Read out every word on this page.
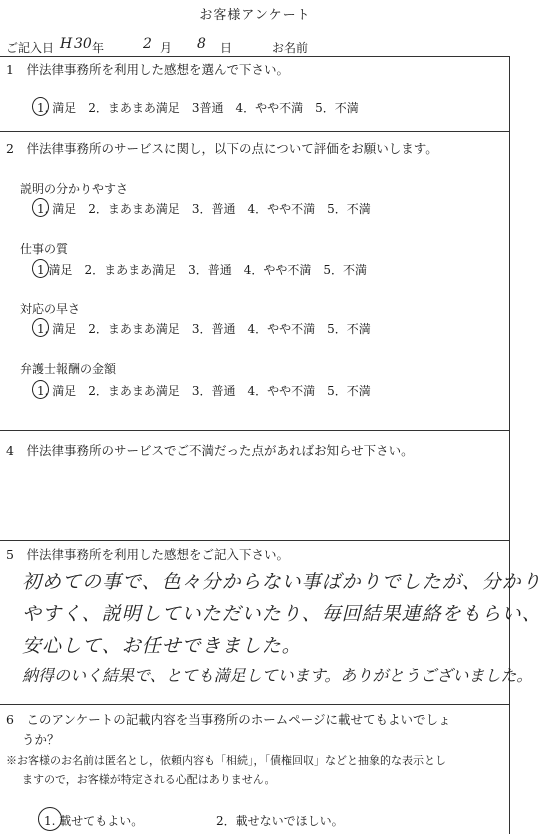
お客様アンケート
ご記入日 H 30 年	2 月 8 日	お名前
1　伴法律事務所を利用した感想を選んで下さい。
1. 満足　2．まあまあ満足　3普通　4．やや不満　5．不満
2　伴法律事務所のサービスに関し，以下の点について評価をお願いします。
説明の分かりやすさ
1. 満足　2．まあまあ満足　3．普通　4．やや不満　5．不満
仕事の質
1 満足　2．まあまあ満足　3．普通　4．やや不満　5．不満
対応の早さ
1. 満足　2．まあまあ満足　3．普通　4．やや不満　5．不満
弁護士報酬の金額
1. 満足　2．まあまあ満足　3．普通　4．やや不満　5．不満
4　伴法律事務所のサービスでご不満だった点があればお知らせ下さい。
5　伴法律事務所を利用した感想をご記入下さい。
初めての事で、色々分からない事ばかりでしたが、分かり
やすく、説明していただいたり、毎回結果連絡をもらい、
安心して、お任せできました。
納得のいく結果で、とても満足しています。ありがとうございました。
6　このアンケートの記載内容を当事務所のホームページに載せてもよいでしょ
うか？
※お客様のお名前は匿名とし，依頼内容も「相続」，「債権回収」などと抽象的な表示とし
ますので，お客様が特定される心配はありません。
1. 載せてもよい。	2．載せないでほしい。
